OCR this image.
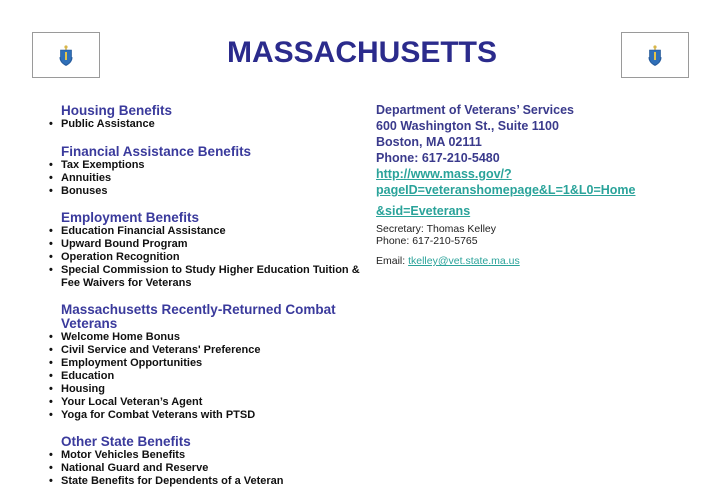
MASSACHUSETTS
Housing Benefits
• Public Assistance
Financial Assistance Benefits
• Tax Exemptions
• Annuities
• Bonuses
Employment Benefits
• Education Financial Assistance
• Upward Bound Program
• Operation Recognition
• Special Commission to Study Higher Education Tuition & Fee Waivers for Veterans
Massachusetts Recently-Returned Combat Veterans
• Welcome Home Bonus
• Civil Service and Veterans' Preference
• Employment Opportunities
• Education
• Housing
• Your Local Veteran’s Agent
• Yoga for Combat Veterans with PTSD
Other State Benefits
• Motor Vehicles Benefits
• National Guard and Reserve
• State Benefits for Dependents of a Veteran
Department of Veterans’ Services
600 Washington St., Suite 1100
Boston, MA 02111
Phone: 617-210-5480
http://www.mass.gov/?
pageID=veteranshomepage&L=1&L0=Home
&sid=Eveterans
Secretary: Thomas Kelley
Phone: 617-210-5765
Email: tkelley@vet.state.ma.us
